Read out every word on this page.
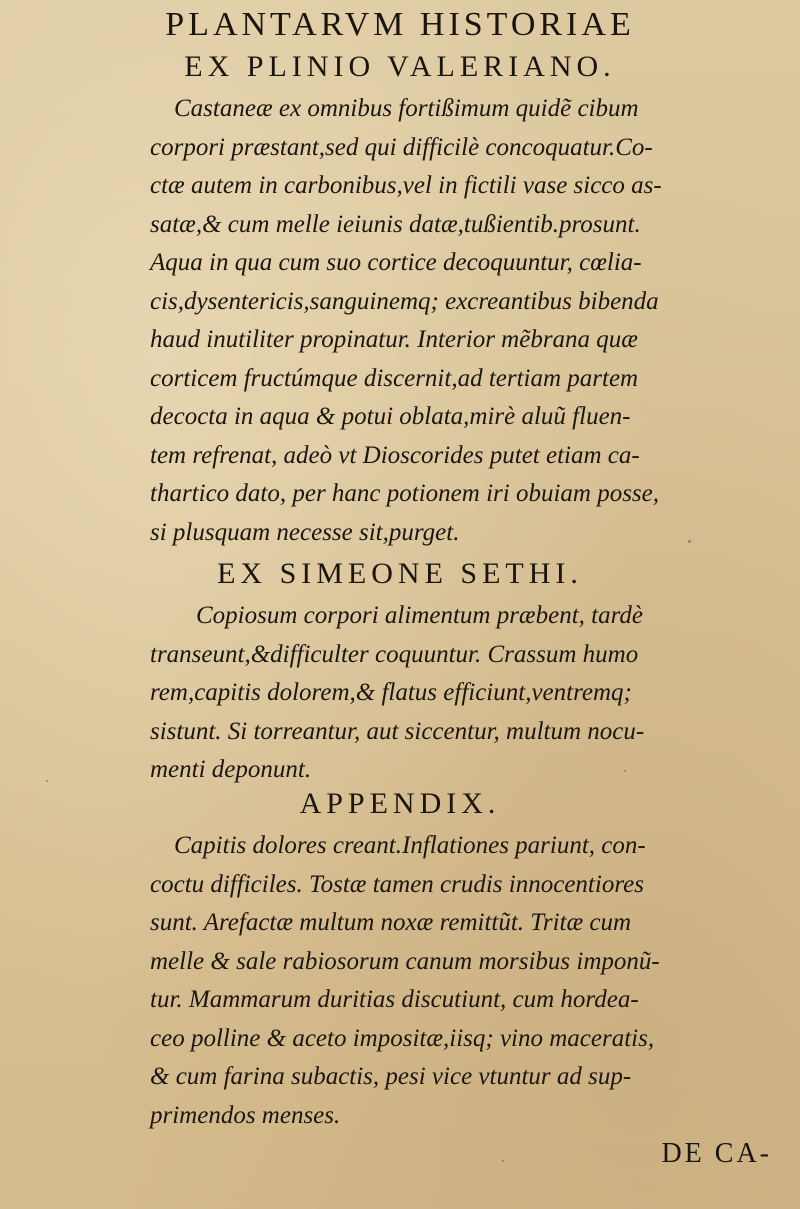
PLANTARVM HISTORIAE
EX PLINIO VALERIANO.
Castaneæ ex omnibus fortißimum quidẽ cibum
corpori præstant,sed qui difficilè concoquatur.Co-
ctæ autem in carbonibus,vel in fictili vase sicco as-
satæ,& cum melle ieiunis datæ,tußientib.prosunt.
Aqua in qua cum suo cortice decoquuntur, cœlia-
cis,dysentericis,sanguinemq; excreantibus bibenda
haud inutiliter propinatur. Interior mẽbrana quæ
corticem fructúmque discernit,ad tertiam partem
decocta in aqua & potui oblata,mirè aluũ fluen-
tem refrenat, adeò vt Dioscorides putet etiam ca-
thartico dato, per hanc potionem iri obuiam posse,
si plusquam necesse sit,purget.
EX SIMEONE SETHI.
Copiosum corpori alimentum præbent, tardè
transeunt,&difficulter coquuntur. Crassum humo
rem,capitis dolorem,& flatus efficiunt,ventremq;
sistunt. Si torreantur, aut siccentur, multum nocu-
menti deponunt.
APPENDIX.
Capitis dolores creant.Inflationes pariunt, con-
coctu difficiles. Tostæ tamen crudis innocentiores
sunt. Arefactæ multum noxæ remittũt. Tritæ cum
melle & sale rabiosorum canum morsibus imponũ-
tur. Mammarum duritias discutiunt, cum hordea-
ceo polline & aceto impositæ,iisq; vino maceratis,
& cum farina subactis, pesi vice vtuntur ad sup-
primendos menses.
DE CA-
